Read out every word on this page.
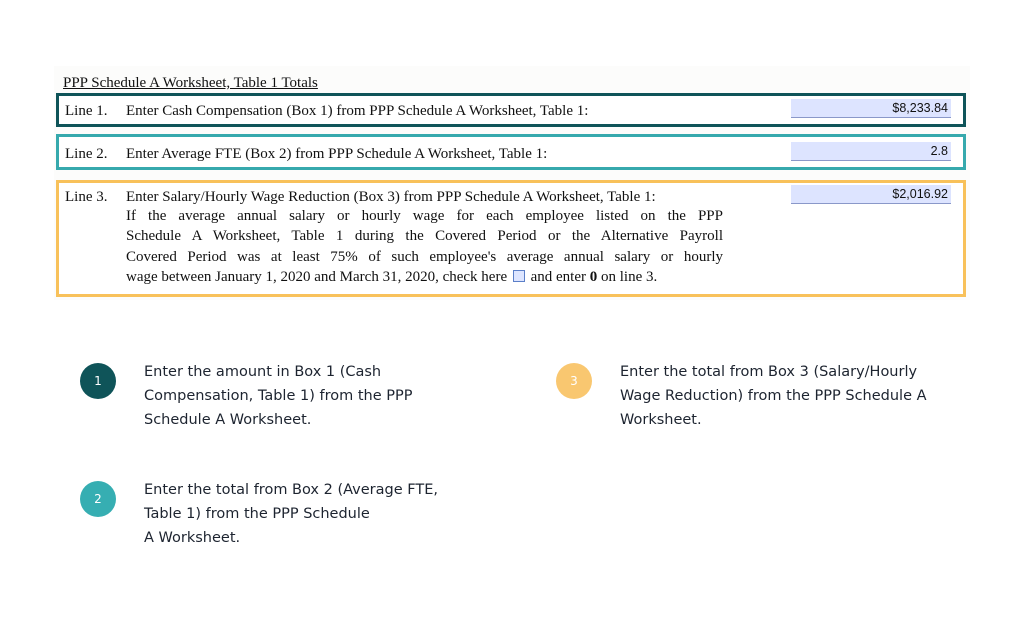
PPP Schedule A Worksheet, Table 1 Totals
Line 1. Enter Cash Compensation (Box 1) from PPP Schedule A Worksheet, Table 1:	$8,233.84
Line 2. Enter Average FTE (Box 2) from PPP Schedule A Worksheet, Table 1:	2.8
Line 3. Enter Salary/Hourly Wage Reduction (Box 3) from PPP Schedule A Worksheet, Table 1:
If the average annual salary or hourly wage for each employee listed on the PPP
Schedule A Worksheet, Table 1 during the Covered Period or the Alternative Payroll
Covered Period was at least 75% of such employee's average annual salary or hourly
wage between January 1, 2020 and March 31, 2020, check here and enter 0 on line 3.
$2,016.92
1
Enter the amount in Box 1 (Cash
Compensation, Table 1) from the PPP
Schedule A Worksheet.
2
Enter the total from Box 2 (Average FTE,
Table 1) from the PPP Schedule
A Worksheet.
3
Enter the total from Box 3 (Salary/Hourly
Wage Reduction) from the PPP Schedule A
Worksheet.
